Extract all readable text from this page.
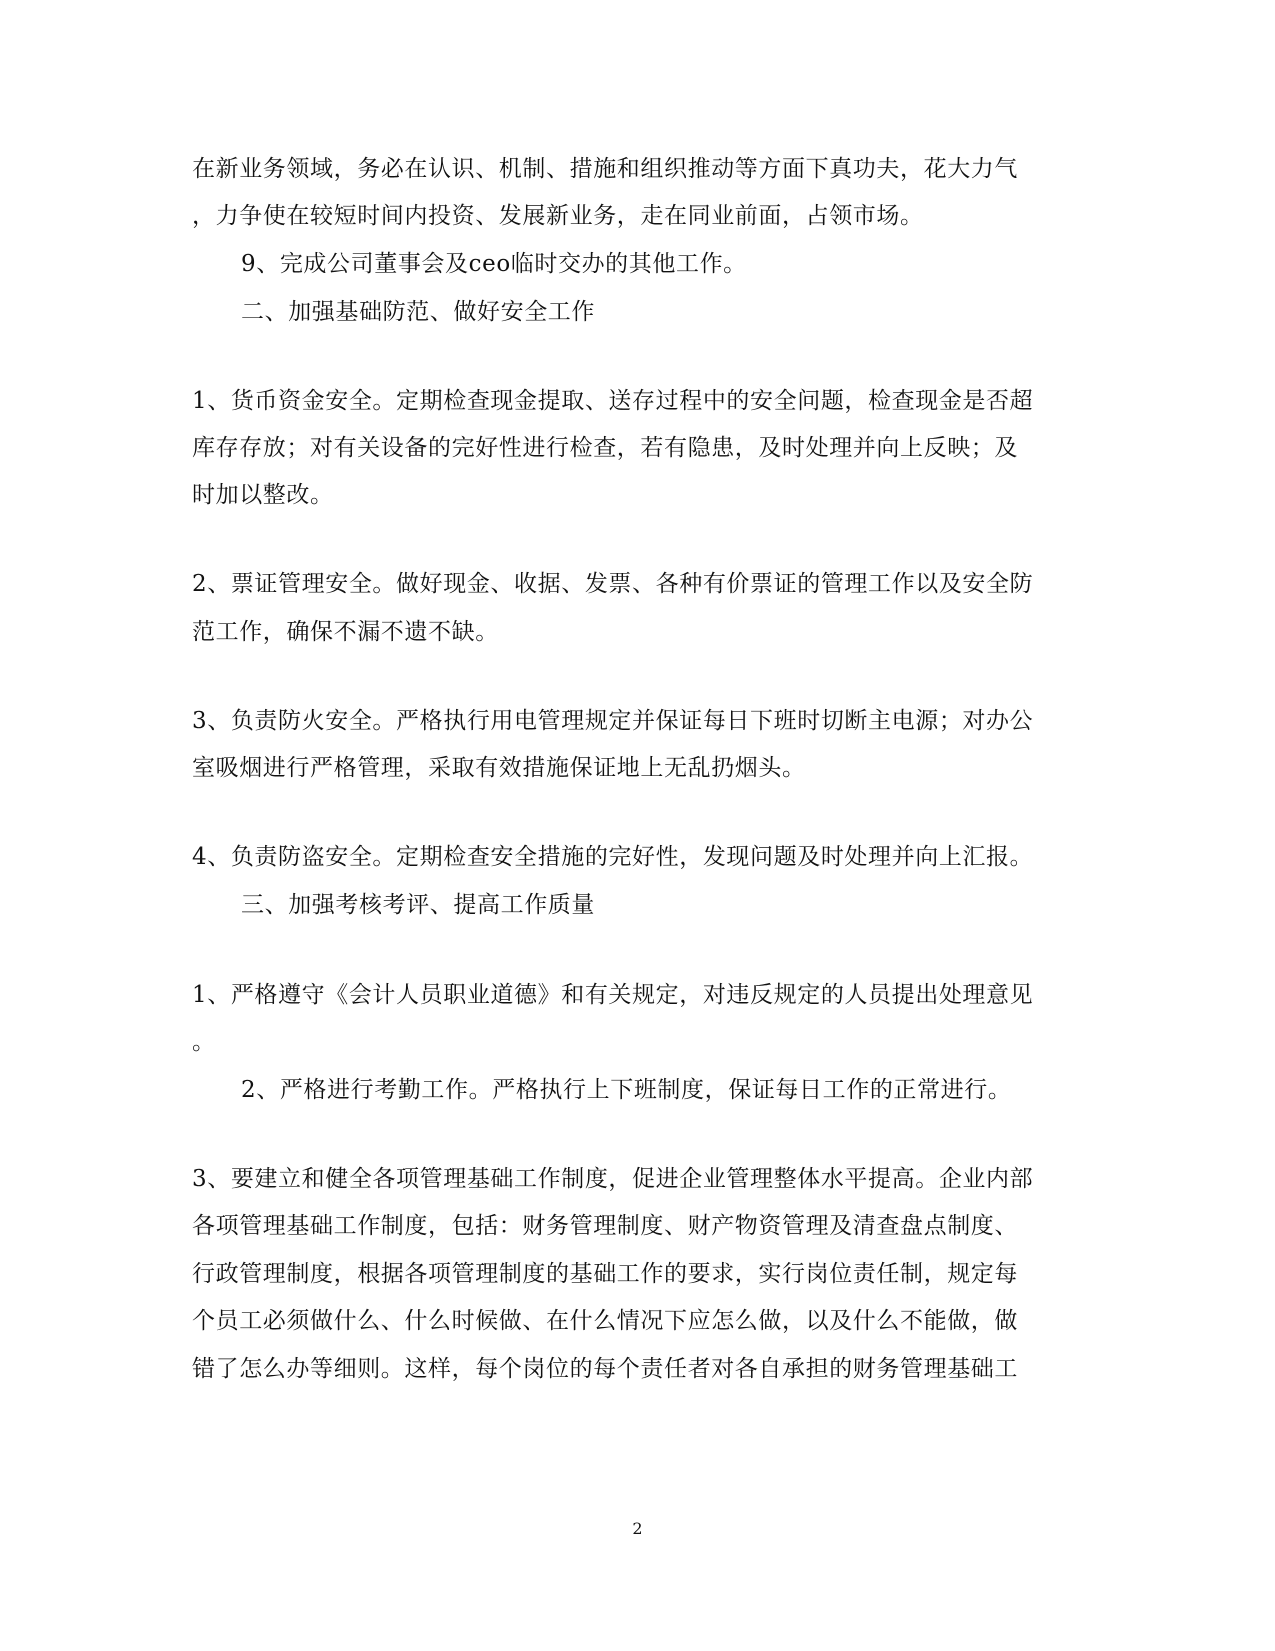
在新业务领域，务必在认识、机制、措施和组织推动等方面下真功夫，花大力气
，力争使在较短时间内投资、发展新业务，走在同业前面，占领市场。
9、完成公司董事会及ceo临时交办的其他工作。
二、加强基础防范、做好安全工作
1、货币资金安全。定期检查现金提取、送存过程中的安全问题，检查现金是否超
库存存放；对有关设备的完好性进行检查，若有隐患，及时处理并向上反映；及
时加以整改。
2、票证管理安全。做好现金、收据、发票、各种有价票证的管理工作以及安全防
范工作，确保不漏不遗不缺。
3、负责防火安全。严格执行用电管理规定并保证每日下班时切断主电源；对办公
室吸烟进行严格管理，采取有效措施保证地上无乱扔烟头。
4、负责防盗安全。定期检查安全措施的完好性，发现问题及时处理并向上汇报。
三、加强考核考评、提高工作质量
1、严格遵守《会计人员职业道德》和有关规定，对违反规定的人员提出处理意见
。
2、严格进行考勤工作。严格执行上下班制度，保证每日工作的正常进行。
3、要建立和健全各项管理基础工作制度，促进企业管理整体水平提高。企业内部
各项管理基础工作制度，包括：财务管理制度、财产物资管理及清查盘点制度、
行政管理制度，根据各项管理制度的基础工作的要求，实行岗位责任制，规定每
个员工必须做什么、什么时候做、在什么情况下应怎么做，以及什么不能做，做
错了怎么办等细则。这样，每个岗位的每个责任者对各自承担的财务管理基础工
2
